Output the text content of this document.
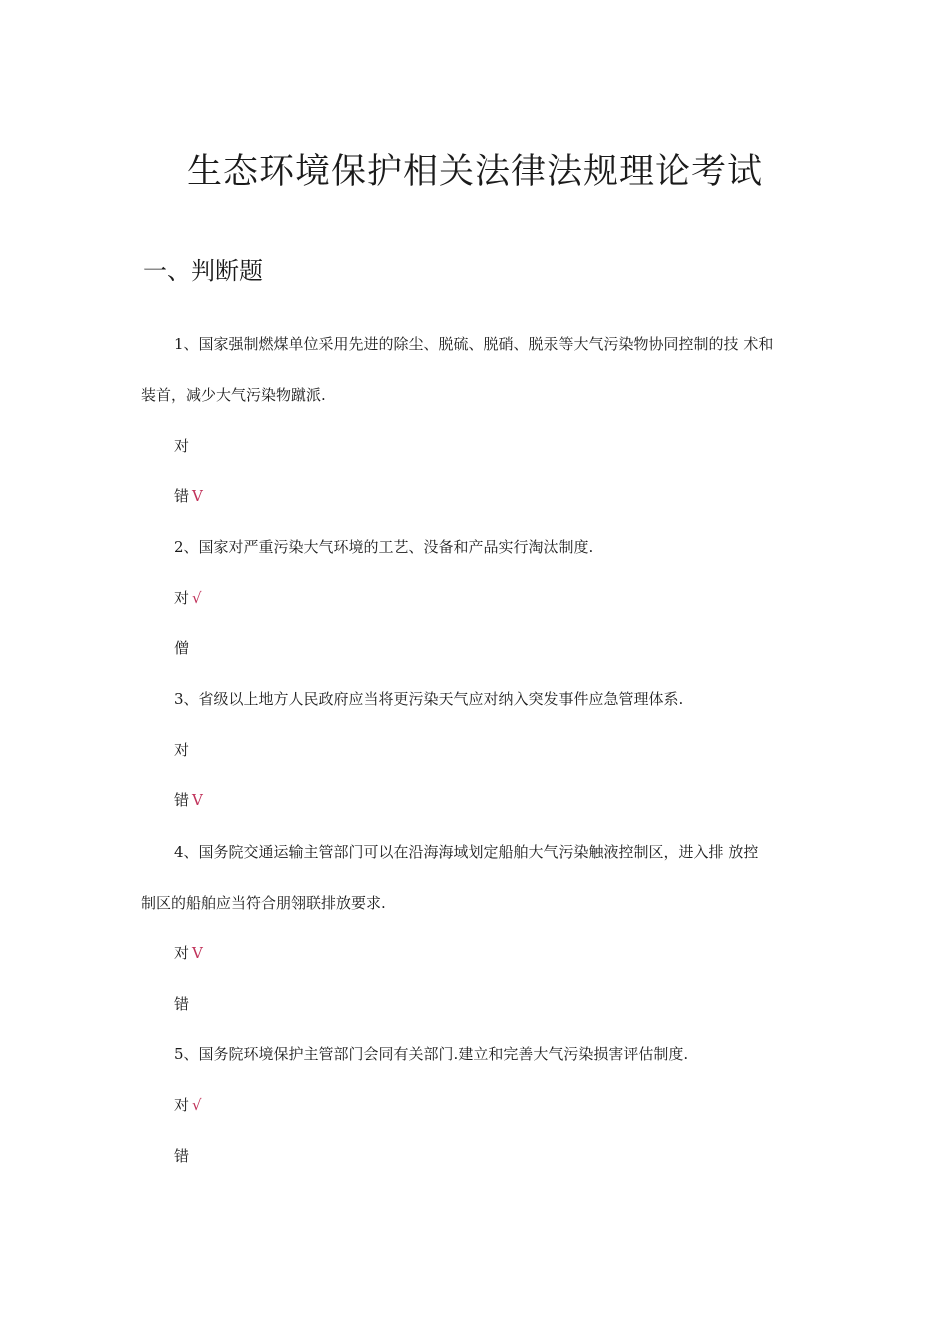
生态环境保护相关法律法规理论考试
一、判断题

1、国家强制燃煤单位采用先进的除尘、脱硫、脱硝、脱汞等大气污染物协同控制的技 术和

装首，减少大气污染物蹴派.

对

错 V

2、国家对严重污染大气环境的工艺、没备和产品实行淘汰制度.

对 √

僧

3、省级以上地方人民政府应当将更污染天气应对纳入突发事件应急管理体系.

对

错 V

4、国务院交通运输主管部门可以在沿海海域划定船舶大气污染触液控制区，进入排 放控

制区的船舶应当符合朋翎联排放要求.

对 V

错

5、国务院环境保护主管部门会同有关部门.建立和完善大气污染损害评估制度.

对 √

错
